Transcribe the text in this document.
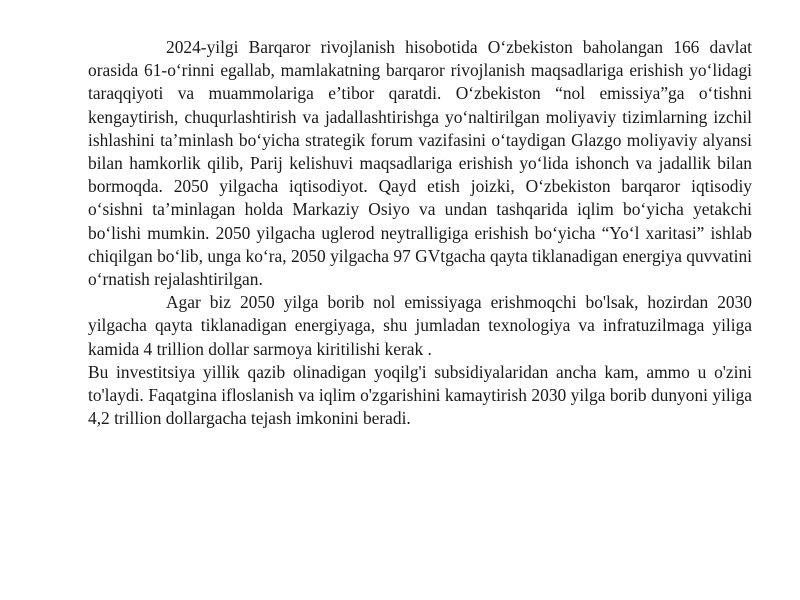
2024-yilgi Barqaror rivojlanish hisobotida O‘zbekiston baholangan 166 davlat orasida 61-o‘rinni egallab, mamlakatning barqaror rivojlanish maqsadlariga erishish yo‘lidagi taraqqiyoti va muammolariga e’tibor qaratdi. O‘zbekiston “nol emissiya”ga o‘tishni kengaytirish, chuqurlashtirish va jadallashtirishga yo‘naltirilgan moliyaviy tizimlarning izchil ishlashini ta’minlash bo‘yicha strategik forum vazifasini o‘taydigan Glazgo moliyaviy alyansi bilan hamkorlik qilib, Parij kelishuvi maqsadlariga erishish yo‘lida ishonch va jadallik bilan bormoqda. 2050 yilgacha iqtisodiyot. Qayd etish joizki, O‘zbekiston barqaror iqtisodiy o‘sishni ta’minlagan holda Markaziy Osiyo va undan tashqarida iqlim bo‘yicha yetakchi bo‘lishi mumkin. 2050 yilgacha uglerod neytralligiga erishish bo‘yicha “Yo‘l xaritasi” ishlab chiqilgan bo‘lib, unga ko‘ra, 2050 yilgacha 97 GVtgacha qayta tiklanadigan energiya quvvatini o‘rnatish rejalashtirilgan.

Agar biz 2050 yilga borib nol emissiyaga erishmoqchi bo'lsak, hozirdan 2030 yilgacha qayta tiklanadigan energiyaga, shu jumladan texnologiya va infratuzilmaga yiliga kamida 4 trillion dollar sarmoya kiritilishi kerak .

Bu investitsiya yillik qazib olinadigan yoqilg'i subsidiyalaridan ancha kam, ammo u o'zini to'laydi. Faqatgina ifloslanish va iqlim o'zgarishini kamaytirish 2030 yilga borib dunyoni yiliga 4,2 trillion dollargacha tejash imkonini beradi.
